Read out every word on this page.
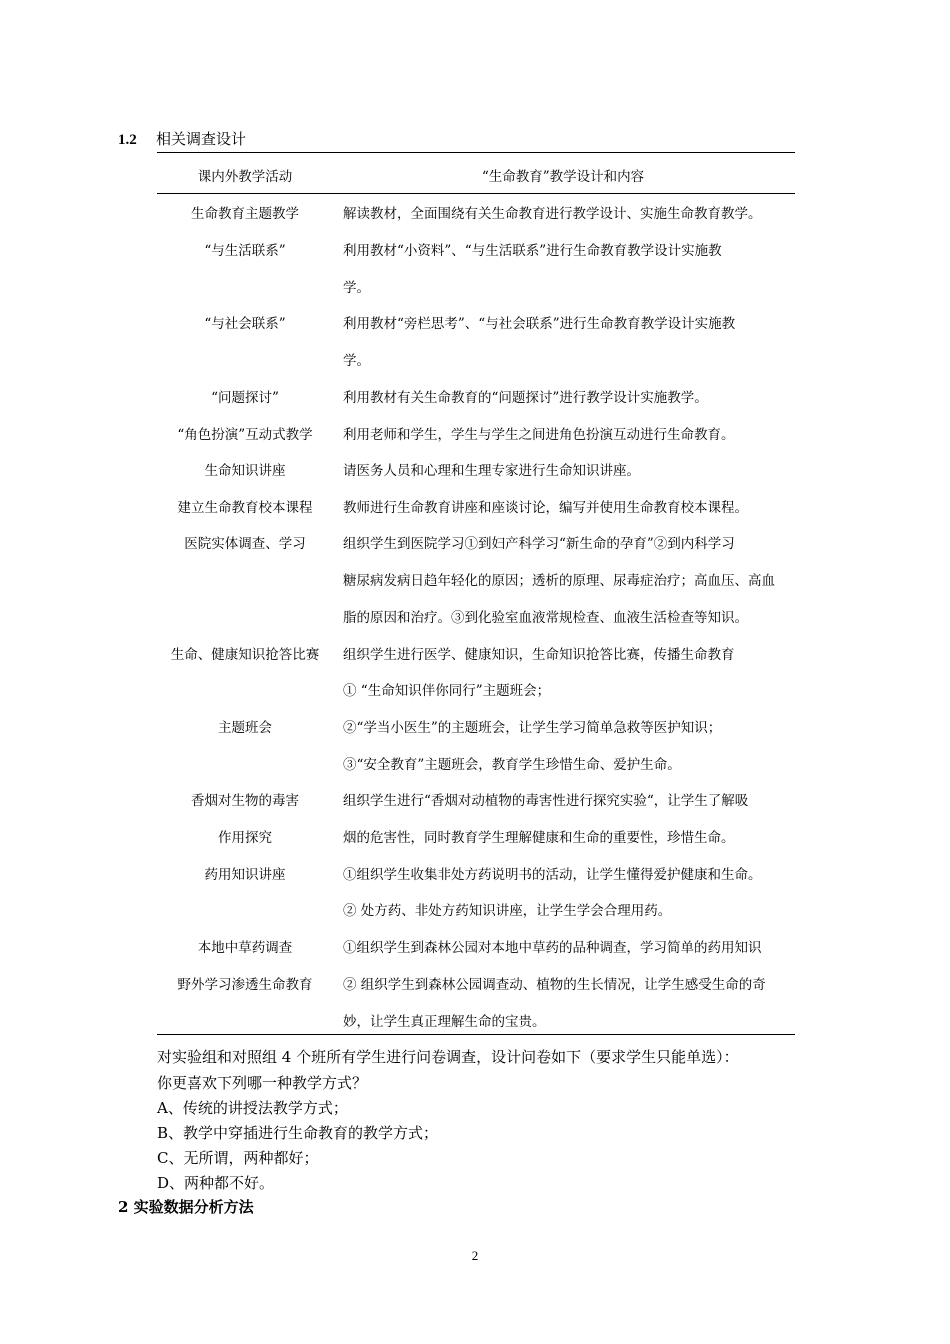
1.2 相关调查设计
课内外教学活动	“生命教育”教学设计和内容
生命教育主题教学
“与生活联系”
“与社会联系”
“问题探讨”
“角色扮演”互动式教学
生命知识讲座
建立生命教育校本课程
医院实体调查、学习
生命、健康知识抢答比赛
主题班会
香烟对生物的毒害
作用探究
药用知识讲座
本地中草药调查
野外学习渗透生命教育
解读教材，全面围绕有关生命教育进行教学设计、实施生命教育教学。
利用教材“小资料”、“与生活联系”进行生命教育教学设计实施教
学。
利用教材“旁栏思考”、“与社会联系”进行生命教育教学设计实施教
学。
利用教材有关生命教育的“问题探讨”进行教学设计实施教学。
利用老师和学生，学生与学生之间进角色扮演互动进行生命教育。
请医务人员和心理和生理专家进行生命知识讲座。
教师进行生命教育讲座和座谈讨论，编写并使用生命教育校本课程。
组织学生到医院学习①到妇产科学习“新生命的孕育”②到内科学习
糖尿病发病日趋年轻化的原因；透析的原理、尿毒症治疗；高血压、高血
脂的原因和治疗。③到化验室血液常规检查、血液生活检查等知识。
组织学生进行医学、健康知识，生命知识抢答比赛，传播生命教育
① “生命知识伴你同行”主题班会；
②“学当小医生”的主题班会，让学生学习简单急救等医护知识；
③“安全教育”主题班会，教育学生珍惜生命、爱护生命。
组织学生进行“香烟对动植物的毒害性进行探究实验“，让学生了解吸
烟的危害性，同时教育学生理解健康和生命的重要性，珍惜生命。
①组织学生收集非处方药说明书的活动，让学生懂得爱护健康和生命。
② 处方药、非处方药知识讲座，让学生学会合理用药。
①组织学生到森林公园对本地中草药的品种调查，学习简单的药用知识
② 组织学生到森林公园调查动、植物的生长情况，让学生感受生命的奇
妙，让学生真正理解生命的宝贵。
对实验组和对照组 4 个班所有学生进行问卷调查，设计问卷如下（要求学生只能单选）：
你更喜欢下列哪一种教学方式？
A、传统的讲授法教学方式；
B、教学中穿插进行生命教育的教学方式；
C、无所谓，两种都好；
D、两种都不好。
2 实验数据分析方法
2
